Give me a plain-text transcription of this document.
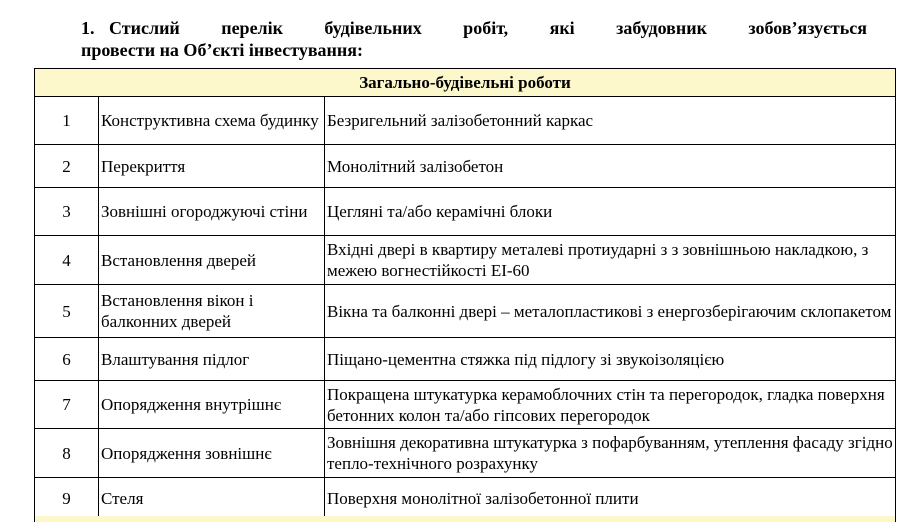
1. Стислий перелік будівельних робіт, які забудовник зобов’язується
провести на Об’єкті інвестування:
Загально-будівельні роботи		
1	Конструктивна схема будинку	Безригельний залізобетонний каркас
2	Перекриття	Монолітний залізобетон
3	Зовнішні огороджуючі стіни	Цегляні та/або керамічні блоки
4	Встановлення дверей	Вхідні двері в квартиру металеві протиударні з з зовнішньою накладкою, з межею вогнестійкості EI-60
5	Встановлення вікон і балконних дверей	Вікна та балконні двері – металопластикові з енергозберігаючим склопакетом
6	Влаштування підлог	Піщано-цементна стяжка під підлогу зі звукоізоляцією
7	Опорядження внутрішнє	Покращена штукатурка керамоблочних стін та перегородок, гладка поверхня бетонних колон та/або гіпсових перегородок
8	Опорядження зовнішнє	Зовнішня декоративна штукатурка з пофарбуванням, утеплення фасаду згідно тепло-технічного розрахунку
9	Стеля	Поверхня монолітної залізобетонної плити
